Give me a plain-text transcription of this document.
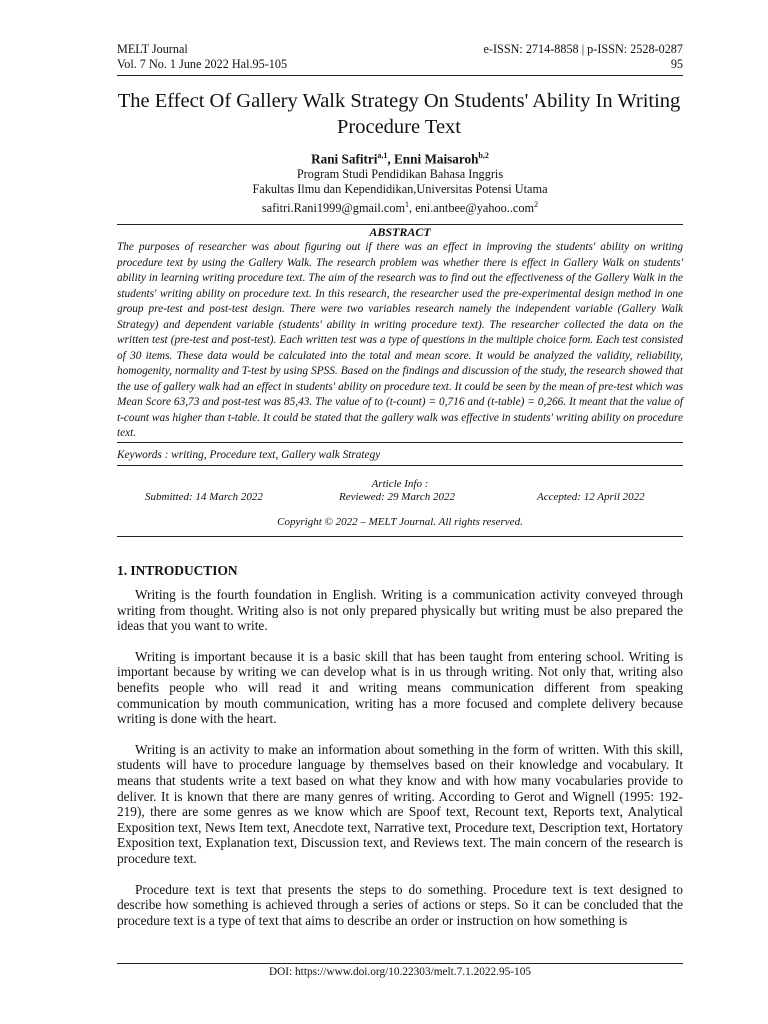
MELT Journal
Vol. 7 No. 1 June 2022 Hal.95-105
e-ISSN: 2714-8858 | p-ISSN: 2528-0287
95
The Effect Of Gallery Walk Strategy On Students' Ability In Writing Procedure Text
Rani Safitri$^{a,1}$, Enni Maisaroh$^{b,2}$
Program Studi Pendidikan Bahasa Inggris
Fakultas Ilmu dan Kependidikan,Universitas Potensi Utama
safitri.Rani1999@gmail.com$^1$, eni.antbee@yahoo..com$^2$
ABSTRACT
The purposes of researcher was about figuring out if there was an effect in improving the students' ability on writing procedure text by using the Gallery Walk. The research problem was whether there is effect in Gallery Walk on students' ability in learning writing procedure text. The aim of the research was to find out the effectiveness of the Gallery Walk in the students' writing ability on procedure text. In this research, the researcher used the pre-experimental design method in one group pre-test and post-test design. There were two variables research namely the independent variable (Gallery Walk Strategy) and dependent variable (students' ability in writing procedure text). The researcher collected the data on the written test (pre-test and post-test). Each written test was a type of questions in the multiple choice form. Each test consisted of 30 items. These data would be calculated into the total and mean score. It would be analyzed the validity, reliability, homogenity, normality and T-test by using SPSS. Based on the findings and discussion of the study, the research showed that the use of gallery walk had an effect in students' ability on procedure text. It could be seen by the mean of pre-test which was Mean Score 63,73 and post-test was 85,43. The value of to (t-count) = 0,716 and (t-table) = 0,266. It meant that the value of t-count was higher than t-table. It could be stated that the gallery walk was effective in students' writing ability on procedure text.
Keywords : writing, Procedure text, Gallery walk Strategy
Article Info :
Submitted: 14 March 2022	Reviewed: 29 March 2022	Accepted: 12 April 2022
Copyright © 2022 – MELT Journal. All rights reserved.
1. INTRODUCTION

Writing is the fourth foundation in English. Writing is a communication activity conveyed through writing from thought. Writing also is not only prepared physically but writing must be also prepared the ideas that you want to write.

Writing is important because it is a basic skill that has been taught from entering school. Writing is important because by writing we can develop what is in us through writing. Not only that, writing also benefits people who will read it and writing means communication different from speaking communication by mouth communication, writing has a more focused and complete delivery because writing is done with the heart.

Writing is an activity to make an information about something in the form of written. With this skill, students will have to procedure language by themselves based on their knowledge and vocabulary. It means that students write a text based on what they know and with how many vocabularies provide to deliver. It is known that there are many genres of writing. According to Gerot and Wignell (1995: 192-219), there are some genres as we know which are Spoof text, Recount text, Reports text, Analytical Exposition text, News Item text, Anecdote text, Narrative text, Procedure text, Description text, Hortatory Exposition text, Explanation text, Discussion text, and Reviews text. The main concern of the research is procedure text.

Procedure text is text that presents the steps to do something. Procedure text is text designed to describe how something is achieved through a series of actions or steps. So it can be concluded that the procedure text is a type of text that aims to describe an order or instruction on how something is

DOI: https://www.doi.org/10.22303/melt.7.1.2022.95-105
